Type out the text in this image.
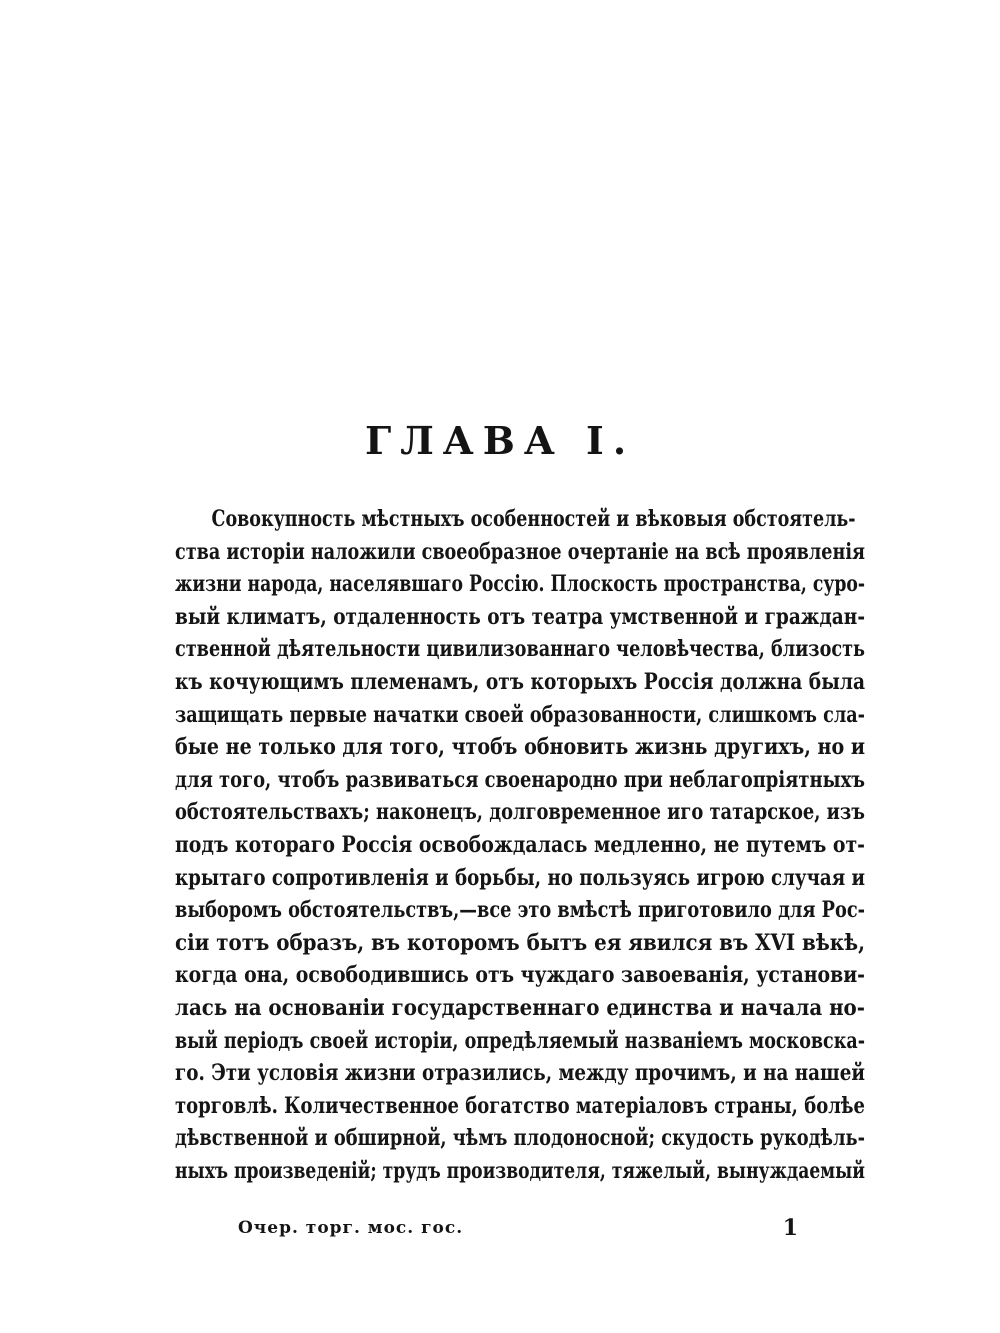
ГЛАВА I.
Совокупность мѣстныхъ особенностей и вѣковыя обстоятель-
ства исторіи наложили своеобразное очертаніе на всѣ проявленія
жизни народа, населявшаго Россію. Плоскость пространства, суро-
вый климатъ, отдаленность отъ театра умственной и граждан-
ственной дѣятельности цивилизованнаго человѣчества, близость
къ кочующимъ племенамъ, отъ которыхъ Россія должна была
защищать первые начатки своей образованности, слишкомъ сла-
бые не только для того, чтобъ обновить жизнь другихъ, но и
для того, чтобъ развиваться своенародно при неблагопріятныхъ
обстоятельствахъ; наконецъ, долговременное иго татарское, изъ
подъ котораго Россія освобождалась медленно, не путемъ от-
крытаго сопротивленія и борьбы, но пользуясь игрою случая и
выборомъ обстоятельствъ,—все это вмѣстѣ приготовило для Рос-
сіи тотъ образъ, въ которомъ бытъ ея явился въ XVI вѣкѣ,
когда она, освободившись отъ чуждаго завоеванія, установи-
лась на основаніи государственнаго единства и начала но-
вый періодъ своей исторіи, опредѣляемый названіемъ московска-
го. Эти условія жизни отразились, между прочимъ, и на нашей
торговлѣ. Количественное богатство матеріаловъ страны, болѣе
дѣвственной и обширной, чѣмъ плодоносной; скудость рукодѣль-
ныхъ произведеній; трудъ производителя, тяжелый, вынуждаемый
Очер. торг. мос. гос.	1
